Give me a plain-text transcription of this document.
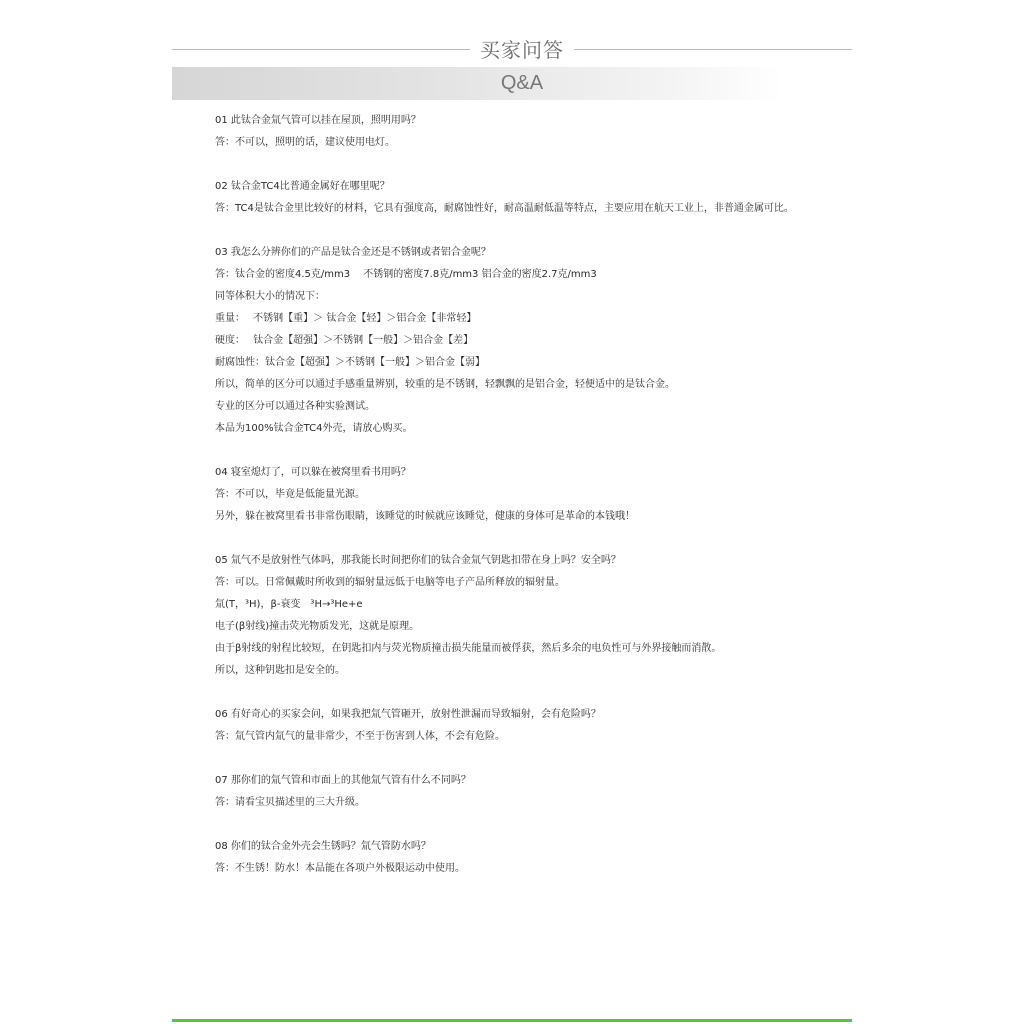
买家问答
Q&A
01 此钛合金氚气管可以挂在屋顶，照明用吗？
答：不可以，照明的话，建议使用电灯。
02 钛合金TC4比普通金属好在哪里呢？
答：TC4是钛合金里比较好的材料，它具有强度高，耐腐蚀性好，耐高温耐低温等特点，主要应用在航天工业上，非普通金属可比。
03 我怎么分辨你们的产品是钛合金还是不锈钢或者铝合金呢？
答：钛合金的密度4.5克/mm3　 不锈钢的密度7.8克/mm3 铝合金的密度2.7克/mm3
同等体积大小的情况下：
重量：　 不锈钢【重】＞ 钛合金【轻】＞铝合金【非常轻】
硬度：　 钛合金【超强】＞不锈钢【一般】＞铝合金【差】
耐腐蚀性：钛合金【超强】＞不锈钢【一般】＞铝合金【弱】
所以，简单的区分可以通过手感重量辨别，较重的是不锈钢，轻飘飘的是铝合金，轻便适中的是钛合金。
专业的区分可以通过各种实验测试。
本品为100%钛合金TC4外壳，请放心购买。
04 寝室熄灯了，可以躲在被窝里看书用吗？
答：不可以，毕竟是低能量光源。
另外，躲在被窝里看书非常伤眼睛，该睡觉的时候就应该睡觉，健康的身体可是革命的本钱哦！
05 氚气不是放射性气体吗，那我能长时间把你们的钛合金氚气钥匙扣带在身上吗？安全吗？
答：可以。日常佩戴时所收到的辐射量远低于电脑等电子产品所释放的辐射量。
氚(T，³H)，β-衰变　³H→³He+e
电子(β射线)撞击荧光物质发光，这就是原理。
由于β射线的射程比较短，在钥匙扣内与荧光物质撞击损失能量而被俘获，然后多余的电负性可与外界接触而消散。
所以，这种钥匙扣是安全的。
06 有好奇心的买家会问，如果我把氚气管砸开，放射性泄漏而导致辐射，会有危险吗？
答：氚气管内氚气的量非常少，不至于伤害到人体，不会有危险。
07 那你们的氚气管和市面上的其他氚气管有什么不同吗？
答：请看宝贝描述里的三大升级。
08 你们的钛合金外壳会生锈吗？氚气管防水吗？
答：不生锈！防水！本品能在各项户外极限运动中使用。
